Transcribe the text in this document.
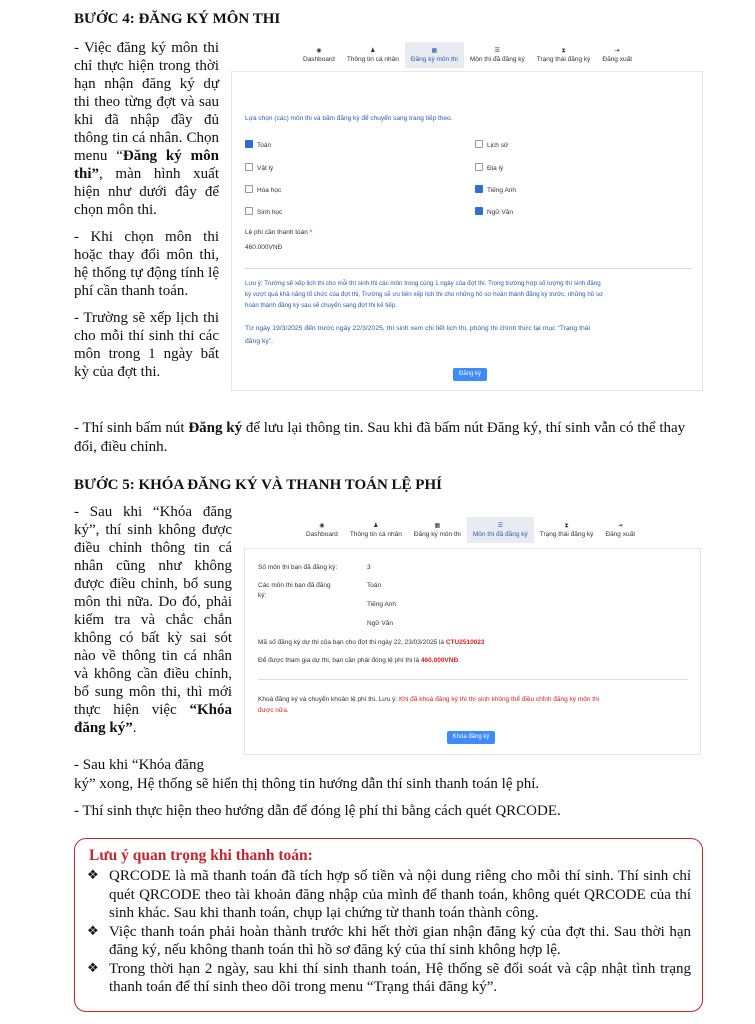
BƯỚC 4: ĐĂNG KÝ MÔN THI

- Việc đăng ký môn thi chỉ thực hiện trong thời hạn nhận đăng ký dự thi theo từng đợt và sau khi đã nhập đầy đủ thông tin cá nhân. Chọn menu “Đăng ký môn thi”, màn hình xuất hiện như dưới đây để chọn môn thi.

- Khi chọn môn thi hoặc thay đổi môn thi, hệ thống tự động tính lệ phí cần thanh toán.

- Trường sẽ xếp lịch thi cho mỗi thí sinh thi các môn trong 1 ngày bất kỳ của đợt thi.

◉
Dashboard
♟
Thông tin cá nhân
▦
Đăng ký môn thi
☰
Môn thi đã đăng ký
⧗
Trạng thái đăng ký
⇥
Đăng xuất
Lựa chọn (các) môn thi và bấm đăng ký để chuyển sang trang tiếp theo.
Toán
Vật lý
Hóa học
Sinh học
Lịch sử
Địa lý
Tiếng Anh
Ngữ Văn
Lệ phí cần thanh toán *
460.000VNĐ
Lưu ý: Trường sẽ xếp lịch thi cho mỗi thí sinh thi các môn trong cùng 1 ngày của đợt thi. Trong trường hợp số lượng thí sinh đăng
ký vượt quá khả năng tổ chức của đợt thi, Trường sẽ ưu tiên xếp lịch thi cho những hồ sơ hoàn thành đăng ký trước, những hồ sơ
hoàn thành đăng ký sau sẽ chuyển sang đợt thi kế tiếp.
Từ ngày 19/3/2025 đến trước ngày 22/3/2025, thí sinh xem chi tiết lịch thi, phòng thi chính thức tại mục “Trạng thái
đăng ký”.
Đăng ký
- Thí sinh bấm nút Đăng ký để lưu lại thông tin. Sau khi đã bấm nút Đăng ký, thí sinh vẫn có thể thay đổi, điều chỉnh.
BƯỚC 5: KHÓA ĐĂNG KÝ VÀ THANH TOÁN LỆ PHÍ

- Sau khi “Khóa đăng ký”, thí sinh không được điều chỉnh thông tin cá nhân cũng như không được điều chỉnh, bổ sung môn thi nữa. Do đó, phải kiểm tra và chắc chắn không có bất kỳ sai sót nào về thông tin cá nhân và không cần điều chỉnh, bổ sung môn thi, thì mới thực hiện việc “Khóa đăng ký”.

- Sau khi “Khóa đăng
ký” xong, Hệ thống sẽ hiển thị thông tin hướng dẫn thí sinh thanh toán lệ phí.
- Thí sinh thực hiện theo hướng dẫn để đóng lệ phí thi bằng cách quét QRCODE.
◉
Dashboard
♟
Thông tin cá nhân
▦
Đăng ký môn thi
☰
Môn thi đã đăng ký
⧗
Trạng thái đăng ký
⇥
Đăng xuất
Số môn thi bạn đã đăng ký:	3
Các môn thi bạn đã đăng
ký:
Toán
Tiếng Anh
Ngữ Văn
Mã số đăng ký dự thi của bạn cho đợt thi ngày 22, 23/03/2025 là CTU2510023
Để được tham gia dự thi, bạn cần phải đóng lệ phí thi là 460.000VNĐ.
Khoá đăng ký và chuyển khoản lệ phí thi. Lưu ý: Khi đã khoá đăng ký thì thí sinh không thể điều chỉnh đăng ký môn thi
được nữa.
Khóa đăng ký
Lưu ý quan trọng khi thanh toán:
❖ QRCODE là mã thanh toán đã tích hợp số tiền và nội dung riêng cho mỗi thí sinh. Thí sinh chỉ quét QRCODE theo tài khoản đăng nhập của mình để thanh toán, không quét QRCODE của thí sinh khác. Sau khi thanh toán, chụp lại chứng từ thanh toán thành công.
❖ Việc thanh toán phải hoàn thành trước khi hết thời gian nhận đăng ký của đợt thi. Sau thời hạn đăng ký, nếu không thanh toán thì hồ sơ đăng ký của thí sinh không hợp lệ.
❖ Trong thời hạn 2 ngày, sau khi thí sinh thanh toán, Hệ thống sẽ đối soát và cập nhật tình trạng thanh toán để thí sinh theo dõi trong menu “Trạng thái đăng ký”.
